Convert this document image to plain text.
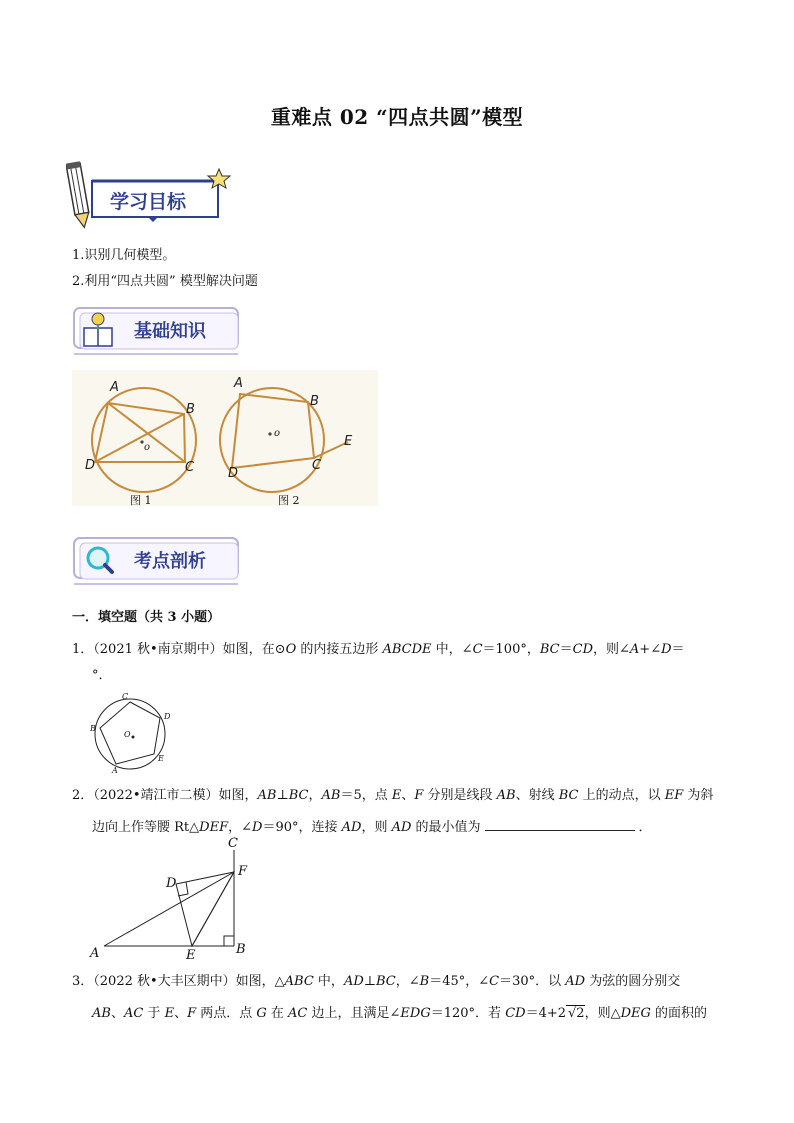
重难点 02 “四点共圆”模型
学习目标
1.识别几何模型。
2.利用“四点共圆” 模型解决问题
基础知识
A
B
C
D
o
A
B
C
D
E
o
图 1	图 2
考点剖析
一．填空题（共 3 小题）
1．（2021 秋•南京期中）如图，在⊙O 的内接五边形 ABCDE 中，∠C＝100°，BC＝CD，则∠A+∠D＝
°．
C
B
D
O
E
A
2．（2022•靖江市二模）如图，AB⊥BC，AB＝5，点 E、F 分别是线段 AB、射线 BC 上的动点，以 EF 为斜
边向上作等腰 Rt△DEF，∠D＝90°，连接 AD，则 AD 的最小值为	．
C
F
D
A	E	B
3．（2022 秋•大丰区期中）如图，△ABC 中，AD⊥BC，∠B＝45°，∠C＝30°．以 AD 为弦的圆分别交
AB、AC 于 E、F 两点．点 G 在 AC 边上，且满足∠EDG＝120°．若 CD＝4+2 √2，则△DEG 的面积的
